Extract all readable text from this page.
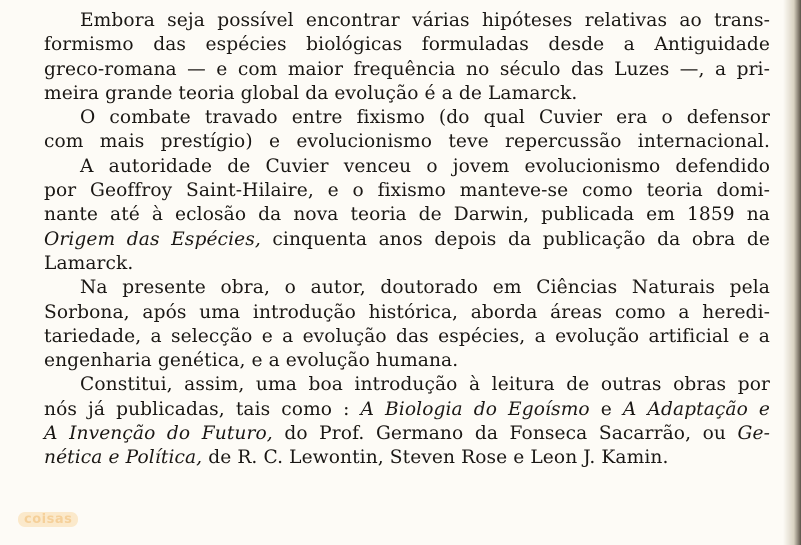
Embora seja possível encontrar várias hipóteses relativas ao trans-
formismo das espécies biológicas formuladas desde a Antiguidade
greco-romana — e com maior frequência no século das Luzes —, a pri-
meira grande teoria global da evolução é a de Lamarck.
O combate travado entre fixismo (do qual Cuvier era o defensor
com mais prestígio) e evolucionismo teve repercussão internacional.
A autoridade de Cuvier venceu o jovem evolucionismo defendido
por Geoffroy Saint-Hilaire, e o fixismo manteve-se como teoria domi-
nante até à eclosão da nova teoria de Darwin, publicada em 1859 na
Origem das Espécies, cinquenta anos depois da publicação da obra de
Lamarck.
Na presente obra, o autor, doutorado em Ciências Naturais pela
Sorbona, após uma introdução histórica, aborda áreas como a heredi-
tariedade, a selecção e a evolução das espécies, a evolução artificial e a
engenharia genética, e a evolução humana.
Constitui, assim, uma boa introdução à leitura de outras obras por
nós já publicadas, tais como : A Biologia do Egoísmo e A Adaptação e
A Invenção do Futuro, do Prof. Germano da Fonseca Sacarrão, ou Ge-
nética e Política, de R. C. Lewontin, Steven Rose e Leon J. Kamin.
coisas
